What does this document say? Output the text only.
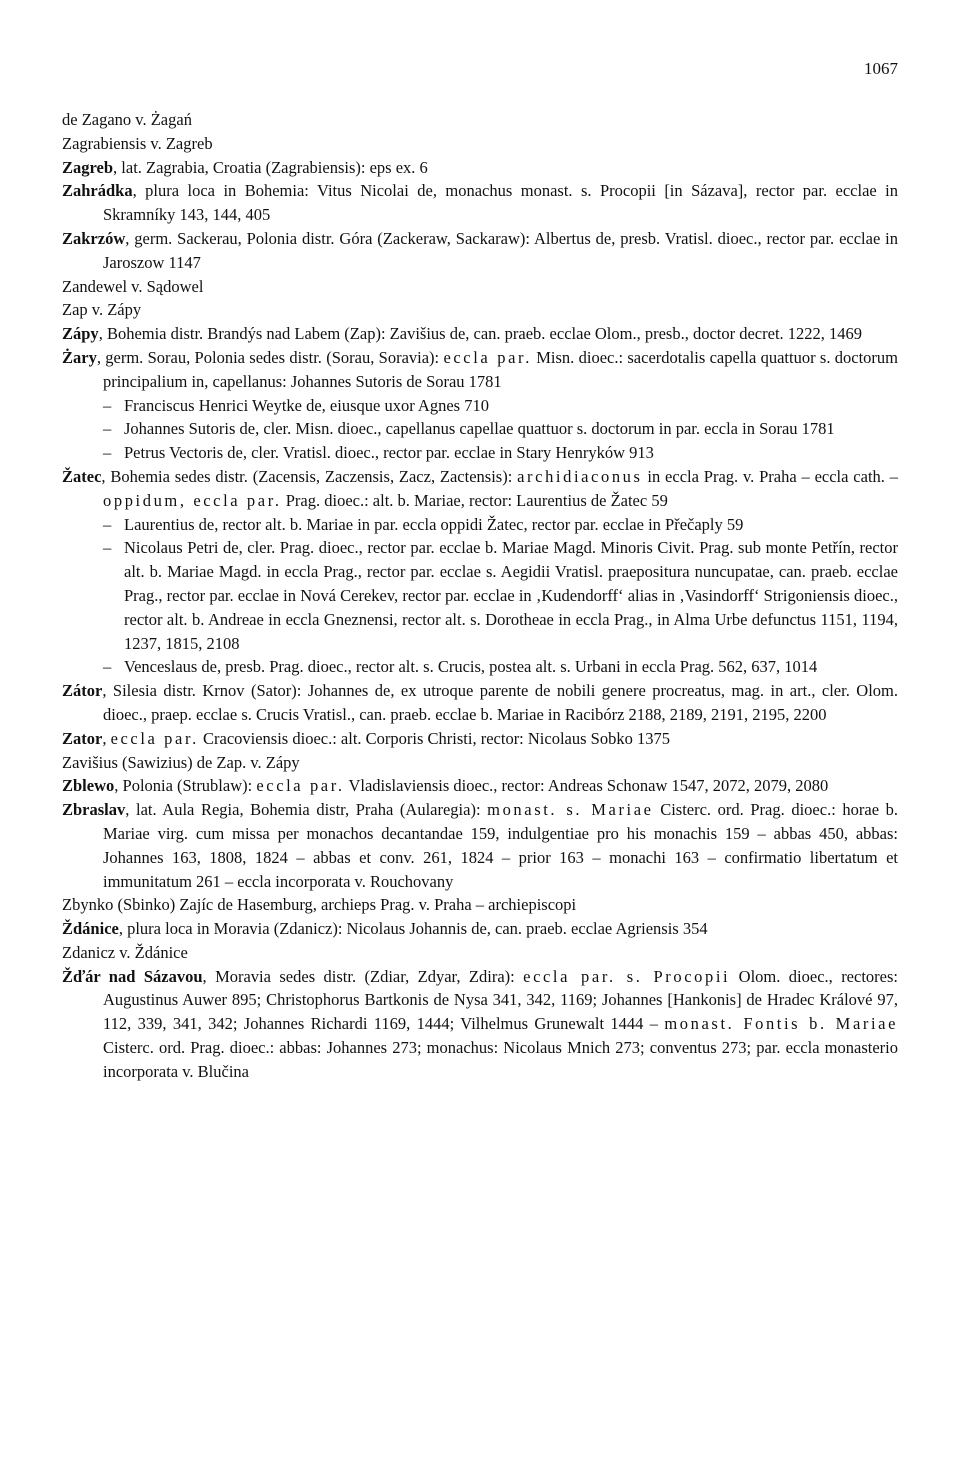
1067

de Zagano v. Żagań

Zagrabiensis v. Zagreb

Zagreb, lat. Zagrabia, Croatia (Zagrabiensis): eps ex. 6

Zahrádka, plura loca in Bohemia: Vitus Nicolai de, monachus monast. s. Procopii [in Sázava], rector par. ecclae in Skramníky 143, 144, 405

Zakrzów, germ. Sackerau, Polonia distr. Góra (Zackeraw, Sackaraw): Albertus de, presb. Vratisl. dioec., rector par. ecclae in Jaroszow 1147

Zandewel v. Sądowel

Zap v. Zápy

Zápy, Bohemia distr. Brandýs nad Labem (Zap): Zavišius de, can. praeb. ecclae Olom., presb., doctor decret. 1222, 1469

Żary, germ. Sorau, Polonia sedes distr. (Sorau, Soravia): eccla par. Misn. dioec.: sacerdotalis capella quattuor s. doctorum principalium in, capellanus: Johannes Sutoris de Sorau 1781

– Franciscus Henrici Weytke de, eiusque uxor Agnes 710

– Johannes Sutoris de, cler. Misn. dioec., capellanus capellae quattuor s. doctorum in par. eccla in Sorau 1781

– Petrus Vectoris de, cler. Vratisl. dioec., rector par. ecclae in Stary Henryków 913

Žatec, Bohemia sedes distr. (Zacensis, Zaczensis, Zacz, Zactensis): archidiaconus in eccla Prag. v. Praha – eccla cath. – oppidum, eccla par. Prag. dioec.: alt. b. Mariae, rector: Laurentius de Žatec 59

– Laurentius de, rector alt. b. Mariae in par. eccla oppidi Žatec, rector par. ecclae in Přečaply 59

– Nicolaus Petri de, cler. Prag. dioec., rector par. ecclae b. Mariae Magd. Minoris Civit. Prag. sub monte Petřín, rector alt. b. Mariae Magd. in eccla Prag., rector par. ecclae s. Aegidii Vratisl. praepositura nuncupatae, can. praeb. ecclae Prag., rector par. ecclae in Nová Cerekev, rector par. ecclae in ‚Kudendorff‘ alias in ‚Vasindorff‘ Strigoniensis dioec., rector alt. b. Andreae in eccla Gneznensi, rector alt. s. Dorotheae in eccla Prag., in Alma Urbe defunctus 1151, 1194, 1237, 1815, 2108

– Venceslaus de, presb. Prag. dioec., rector alt. s. Crucis, postea alt. s. Urbani in eccla Prag. 562, 637, 1014

Zátor, Silesia distr. Krnov (Sator): Johannes de, ex utroque parente de nobili genere procreatus, mag. in art., cler. Olom. dioec., praep. ecclae s. Crucis Vratisl., can. praeb. ecclae b. Mariae in Racibórz 2188, 2189, 2191, 2195, 2200

Zator, eccla par. Cracoviensis dioec.: alt. Corporis Christi, rector: Nicolaus Sobko 1375

Zavišius (Sawizius) de Zap. v. Zápy

Zblewo, Polonia (Strublaw): eccla par. Vladislaviensis dioec., rector: Andreas Schonaw 1547, 2072, 2079, 2080

Zbraslav, lat. Aula Regia, Bohemia distr, Praha (Aularegia): monast. s. Mariae Cisterc. ord. Prag. dioec.: horae b. Mariae virg. cum missa per monachos decantandae 159, indulgentiae pro his monachis 159 – abbas 450, abbas: Johannes 163, 1808, 1824 – abbas et conv. 261, 1824 – prior 163 – monachi 163 – confirmatio libertatum et immunitatum 261 – eccla incorporata v. Rouchovany

Zbynko (Sbinko) Zajíc de Hasemburg, archieps Prag. v. Praha – archiepiscopi

Ždánice, plura loca in Moravia (Zdanicz): Nicolaus Johannis de, can. praeb. ecclae Agriensis 354

Zdanicz v. Ždánice

Žďár nad Sázavou, Moravia sedes distr. (Zdiar, Zdyar, Zdira): eccla par. s. Procopii Olom. dioec., rectores: Augustinus Auwer 895; Christophorus Bartkonis de Nysa 341, 342, 1169; Johannes [Hankonis] de Hradec Králové 97, 112, 339, 341, 342; Johannes Richardi 1169, 1444; Vilhelmus Grunewalt 1444 – monast. Fontis b. Mariae Cisterc. ord. Prag. dioec.: abbas: Johannes 273; monachus: Nicolaus Mnich 273; conventus 273; par. eccla monasterio incorporata v. Blučina
